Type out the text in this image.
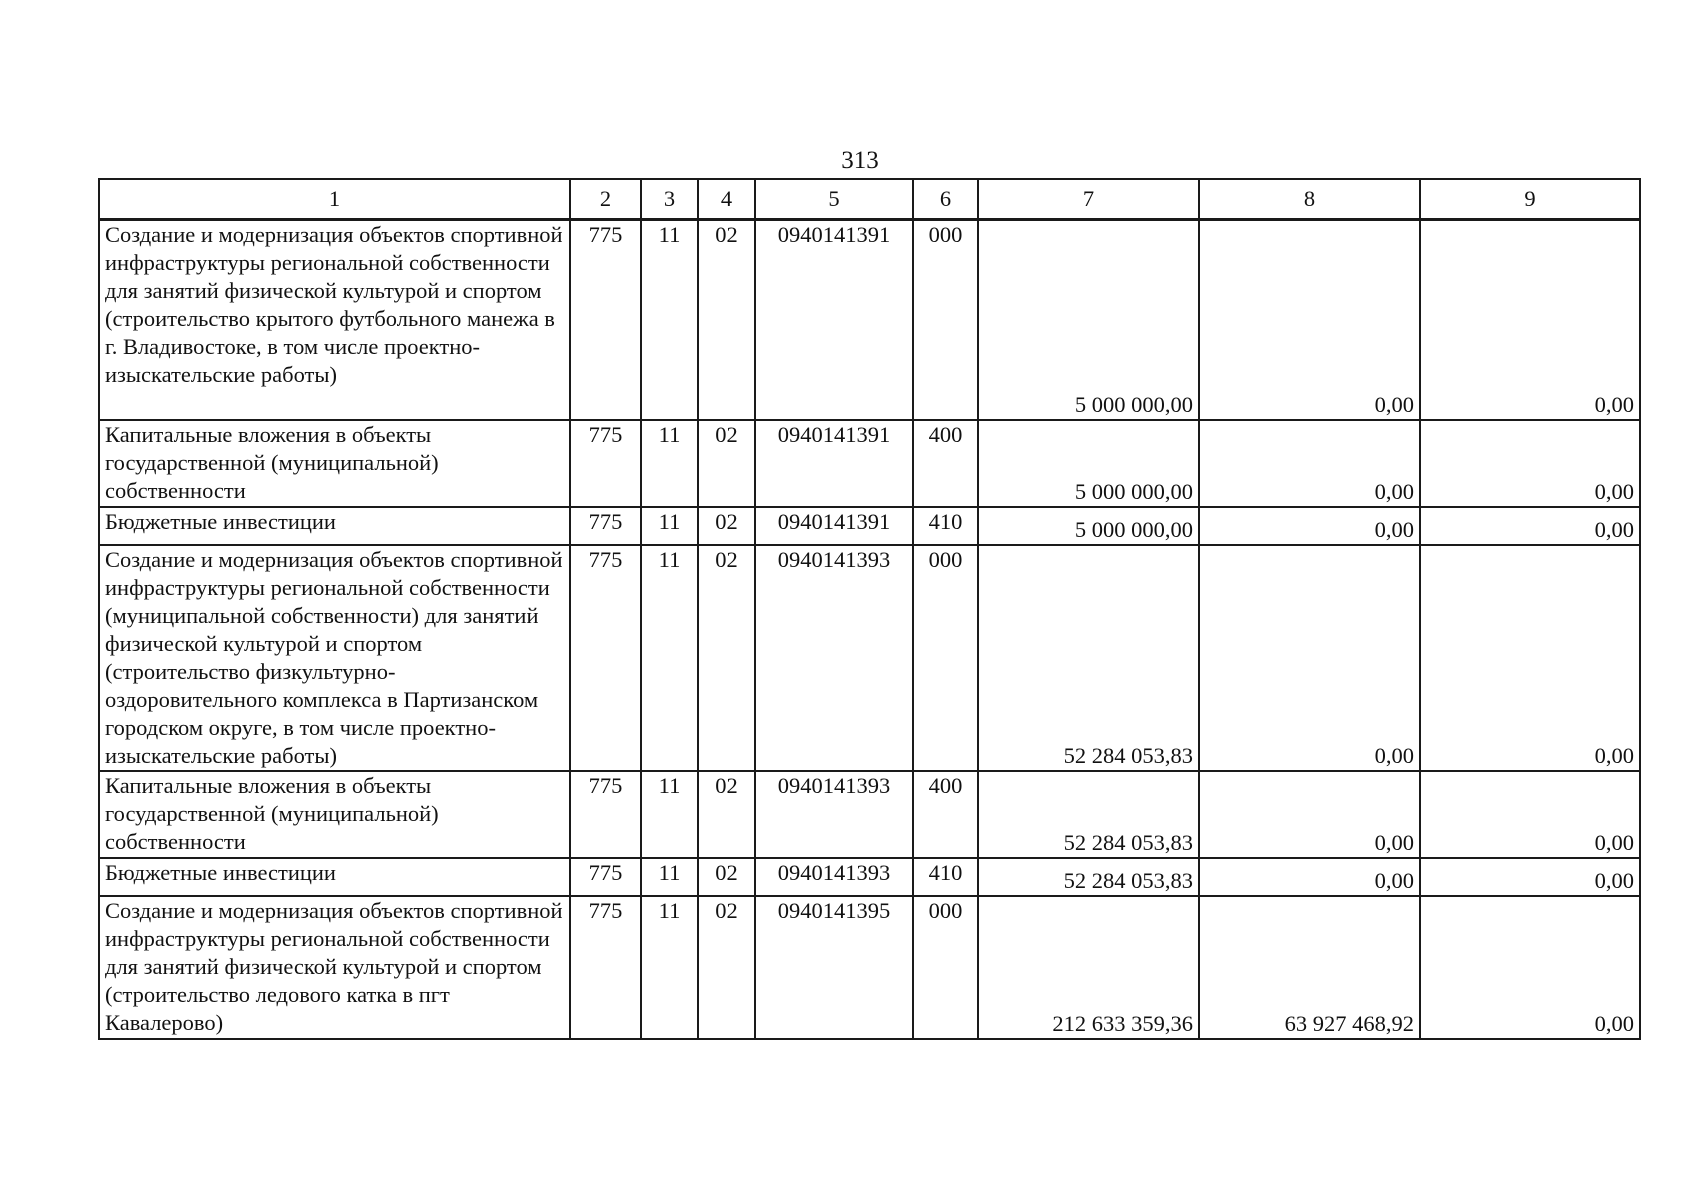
313
1	2	3	4	5	6	7	8	9
Создание и модернизация объектов спортивной инфраструктуры региональной собственности для занятий физической культурой и спортом (строительство крытого футбольного манежа в г. Владивостоке, в том числе проектно-изыскательские работы)	775	11	02	0940141391	000	5 000 000,00	0,00	0,00
Капитальные вложения в объекты государственной (муниципальной) собственности	775	11	02	0940141391	400	5 000 000,00	0,00	0,00
Бюджетные инвестиции	775	11	02	0940141391	410	5 000 000,00	0,00	0,00
Создание и модернизация объектов спортивной инфраструктуры региональной собственности (муниципальной собственности) для занятий физической культурой и спортом (строительство физкультурно-оздоровительного комплекса в Партизанском городском округе, в том числе проектно-изыскательские работы)	775	11	02	0940141393	000	52 284 053,83	0,00	0,00
Капитальные вложения в объекты государственной (муниципальной) собственности	775	11	02	0940141393	400	52 284 053,83	0,00	0,00
Бюджетные инвестиции	775	11	02	0940141393	410	52 284 053,83	0,00	0,00
Создание и модернизация объектов спортивной инфраструктуры региональной собственности для занятий физической культурой и спортом (строительство ледового катка в пгт Кавалерово)	775	11	02	0940141395	000	212 633 359,36	63 927 468,92	0,00
